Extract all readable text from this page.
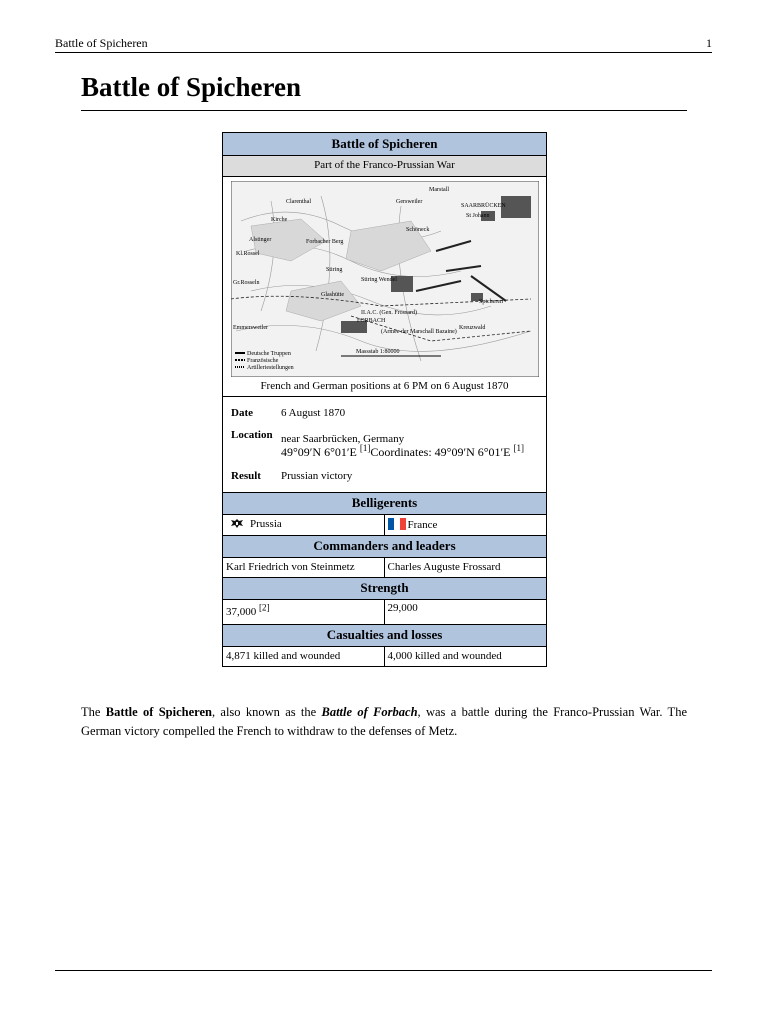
Battle of Spicheren	1
Battle of Spicheren
Battle of Spicheren
Part of the Franco-Prussian War
Marstall
Clarenthal	Gersweiler
SAARBRÜCKEN
St Johann
Kl.Rossel
Gr.Rosseln
Spicheren
FORBACH
II.A.C. (Gen. Frossard)
(Armee der Marschall Bazaine)
Stiring Wendel
Forbacher Berg
Emmersweiler
Stiring
Glashütte
Schöneck
Alstinger
Massstab 1:80000
Deutsche Truppen
Französische
Artilleriestellungen
Kirche
Kreuzwald
French and German positions at 6 PM on 6 August 1870
Date	6 August 1870
Location near Saarbrücken, Germany
49°09′N 6°01′E [1]Coordinates: 49°09′N 6°01′E [1]
Result	Prussian victory
Belligerents
Prussia	France
Commanders and leaders
Karl Friedrich von Steinmetz	Charles Auguste Frossard
Strength
37,000 [2]	29,000
Casualties and losses
4,871 killed and wounded	4,000 killed and wounded

The Battle of Spicheren, also known as the Battle of Forbach, was a battle during the Franco-Prussian War. The German victory compelled the French to withdraw to the defenses of Metz.
